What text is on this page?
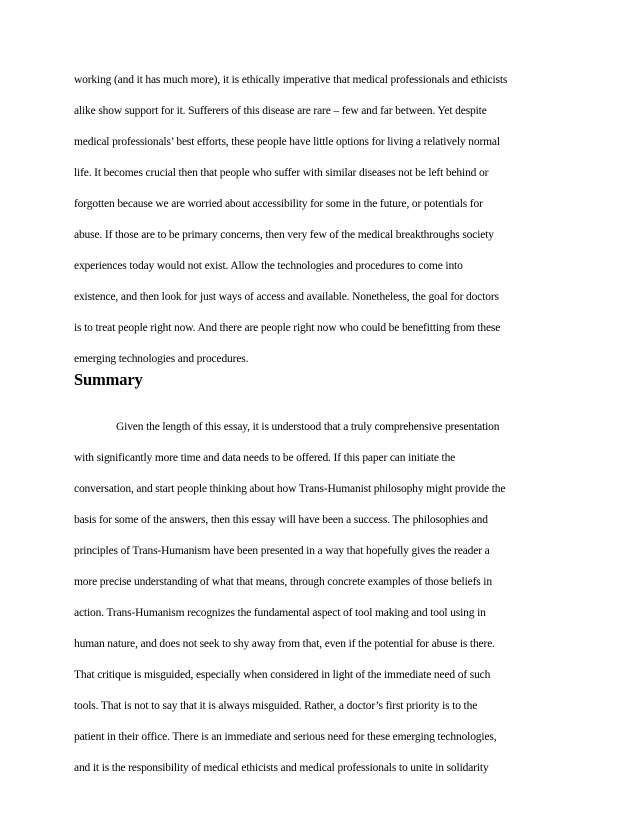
working (and it has much more), it is ethically imperative that medical professionals and ethicists
alike show support for it. Sufferers of this disease are rare – few and far between. Yet despite
medical professionals’ best efforts, these people have little options for living a relatively normal
life. It becomes crucial then that people who suffer with similar diseases not be left behind or
forgotten because we are worried about accessibility for some in the future, or potentials for
abuse. If those are to be primary concerns, then very few of the medical breakthroughs society
experiences today would not exist. Allow the technologies and procedures to come into
existence, and then look for just ways of access and available. Nonetheless, the goal for doctors
is to treat people right now. And there are people right now who could be benefitting from these
emerging technologies and procedures.
Summary
Given the length of this essay, it is understood that a truly comprehensive presentation
with significantly more time and data needs to be offered. If this paper can initiate the
conversation, and start people thinking about how Trans-Humanist philosophy might provide the
basis for some of the answers, then this essay will have been a success. The philosophies and
principles of Trans-Humanism have been presented in a way that hopefully gives the reader a
more precise understanding of what that means, through concrete examples of those beliefs in
action. Trans-Humanism recognizes the fundamental aspect of tool making and tool using in
human nature, and does not seek to shy away from that, even if the potential for abuse is there.
That critique is misguided, especially when considered in light of the immediate need of such
tools. That is not to say that it is always misguided. Rather, a doctor’s first priority is to the
patient in their office. There is an immediate and serious need for these emerging technologies,
and it is the responsibility of medical ethicists and medical professionals to unite in solidarity
